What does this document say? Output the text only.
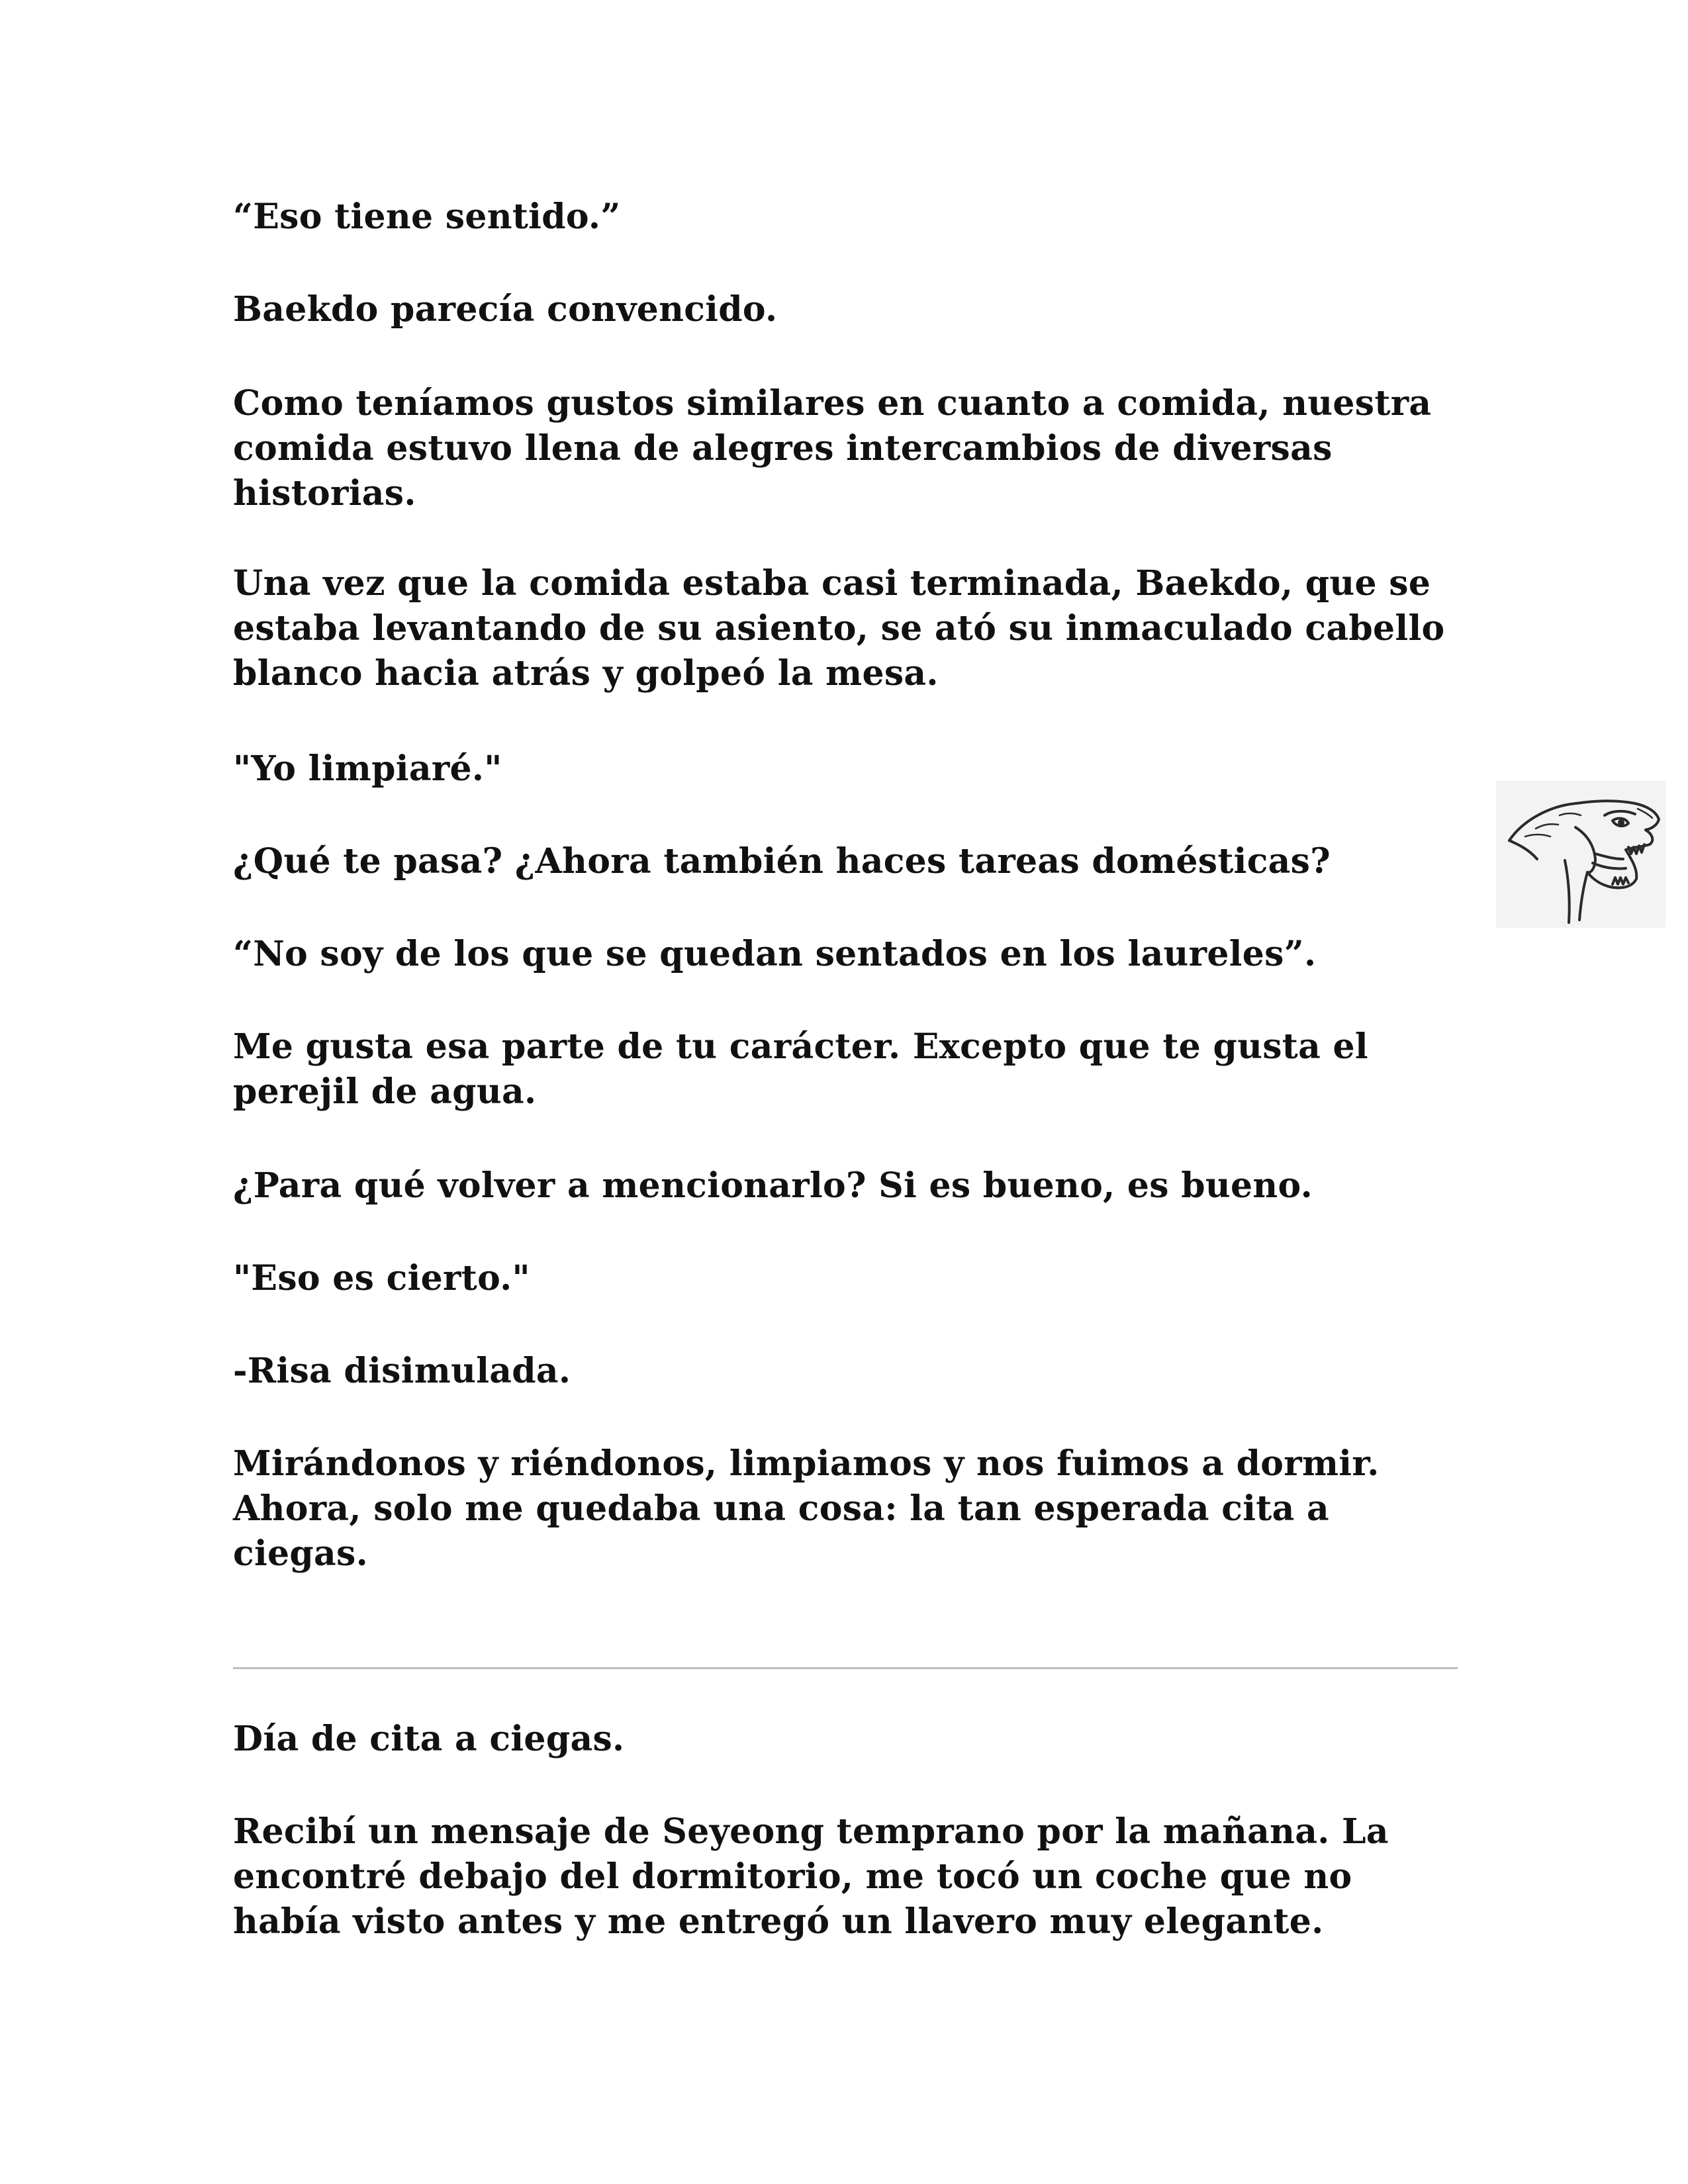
“Eso tiene sentido.”

Baekdo parecía convencido.

Como teníamos gustos similares en cuanto a comida, nuestra
comida estuvo llena de alegres intercambios de diversas
historias.

Una vez que la comida estaba casi terminada, Baekdo, que se
estaba levantando de su asiento, se ató su inmaculado cabello
blanco hacia atrás y golpeó la mesa.

"Yo limpiaré."

¿Qué te pasa? ¿Ahora también haces tareas domésticas?

“No soy de los que se quedan sentados en los laureles”.

Me gusta esa parte de tu carácter. Excepto que te gusta el
perejil de agua.

¿Para qué volver a mencionarlo? Si es bueno, es bueno.

"Eso es cierto."

-Risa disimulada.

Mirándonos y riéndonos, limpiamos y nos fuimos a dormir.
Ahora, solo me quedaba una cosa: la tan esperada cita a
ciegas.

Día de cita a ciegas.

Recibí un mensaje de Seyeong temprano por la mañana. La
encontré debajo del dormitorio, me tocó un coche que no
había visto antes y me entregó un llavero muy elegante.
